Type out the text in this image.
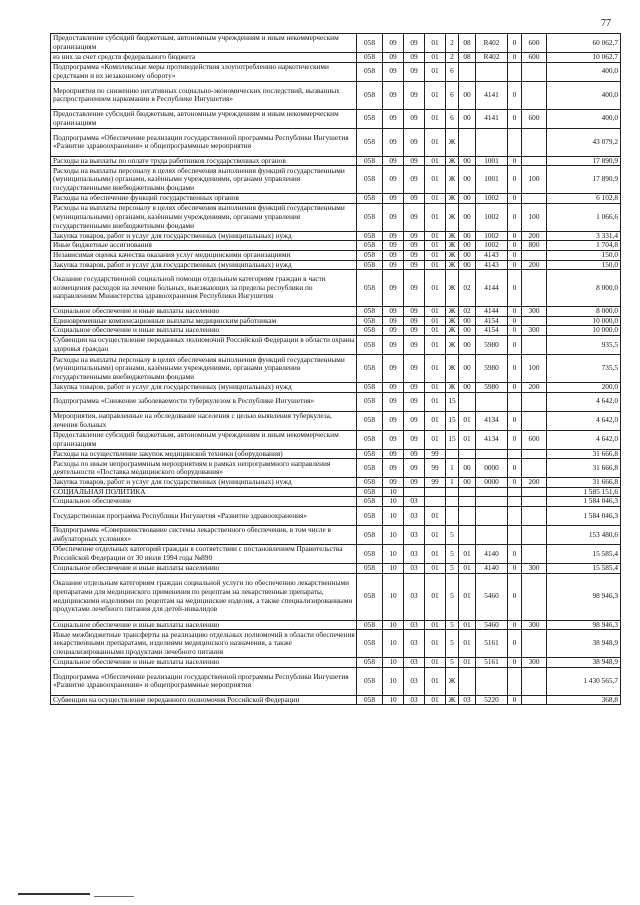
77
Предоставление субсидий бюджетным, автономным учреждениям и иным некоммерческим организациям	058	09	09	01	2	08	R402	0	600	60 062,7
из них за счет средств федерального бюджета	058	09	09	01	2	08	R402	0	600	10 062,7
Подпрограмма «Комплексные меры противодействия злоупотреблению наркотическими средствами и их незаконному обороту»	058	09	09	01	6					400,0
Мероприятия по снижению негативных социально-экономических последствий, вызванных распространением наркомании в Республике Ингушетия»	058	09	09	01	6	00	4141	0		400,0
Предоставление субсидий бюджетным, автономным учреждениям и иным некоммерческим организациям	058	09	09	01	6	00	4141	0	600	400,0
Подпрограмма «Обеспечение реализации государственной программы Республики Ингушетия «Развитие здравоохранения» и общепрограммные мероприятия	058	09	09	01	Ж					43 079,2
Расходы на выплаты по оплате труда работников государственных органов	058	09	09	01	Ж	00	1001	0		17 890,9
Расходы на выплаты персоналу в целях обеспечения выполнения функций государственными (муниципальными) органами, казёнными учреждениями, органами управления государственными внебюджетными фондами	058	09	09	01	Ж	00	1001	0	100	17 890,9
Расходы на обеспечение функций государственных органов	058	09	09	01	Ж	00	1002	0		6 102,8
Расходы на выплаты персоналу в целях обеспечения выполнения функций государственными (муниципальными) органами, казёнными учреждениями, органами управления государственными внебюджетными фондами	058	09	09	01	Ж	00	1002	0	100	1 066,6
Закупка товаров, работ и услуг для государственных (муниципальных) нужд	058	09	09	01	Ж	00	1002	0	200	3 331,4
Иные бюджетные ассигнования	058	09	09	01	Ж	00	1002	0	800	1 704,8
Независимая оценка качества оказания услуг медицинскими организациями	058	09	09	01	Ж	00	4143	0		150,0
Закупка товаров, работ и услуг для государственных (муниципальных) нужд	058	09	09	01	Ж	00	4143	0	200	150,0
Оказание государственной социальной помощи отдельным категориям граждан в части возмещения расходов на лечение больных, выезжающих за пределы республики по направлениям Министерства здравоохранения Республики Ингушетия	058	09	09	01	Ж	02	4144	0		8 000,0
Социальное обеспечение и иные выплаты населению	058	09	09	01	Ж	02	4144	0	300	8 000,0
Единовременные компенсационные выплаты медицинским работникам	058	09	09	01	Ж	00	4154	0		10 000,0
Социальное обеспечение и иные выплаты населению	058	09	09	01	Ж	00	4154	0	300	10 000,0
Субвенции на осуществление переданных полномочий Российской Федерации в области охраны здоровья граждан	058	09	09	01	Ж	00	5980	0		935,5
Расходы на выплаты персоналу в целях обеспечения выполнения функций государственными (муниципальными) органами, казёнными учреждениями, органами управления государственными внебюджетными фондами	058	09	09	01	Ж	00	5980	0	100	735,5
Закупка товаров, работ и услуг для государственных (муниципальных) нужд	058	09	09	01	Ж	00	5980	0	200	200,0
Подпрограмма «Снижение заболеваемости туберкулезом в Республике Ингушетия»	058	09	09	01	15					4 642,0
Мероприятия, направленные на обследование населения с целью выявления туберкулеза, лечения больных	058	09	09	01	15	01	4134	0		4 642,0
Предоставление субсидий бюджетным, автономным учреждениям и иным некоммерческим организациям	058	09	09	01	15	01	4134	0	600	4 642,0
Расходы на осуществление закупок медицинской техники (оборудования)	058	09	09	99						31 666,8
Расходы по иным непрограммным мероприятиям в рамках непрограммного направления деятельности «Поставка медицинского оборудования»	058	09	09	99	1	00	0000	0		31 666,8
Закупка товаров, работ и услуг для государственных (муниципальных) нужд	058	09	09	99	1	00	0000	0	200	31 666,8
СОЦИАЛЬНАЯ ПОЛИТИКА	058	10								1 585 151,6
Социальное обеспечение	058	10	03							1 584 046,3
Государственная программа Республики Ингушетия «Развитие здравоохранения»	058	10	03	01						1 584 046,3
Подпрограмма «Совершенствование системы лекарственного обеспечения, в том числе в амбулаторных условиях»	058	10	03	01	5					153 480,6
Обеспечение отдельных категорий граждан в соответствии с постановлением Правительства Российской Федерации от 30 июля 1994 года №890	058	10	03	01	5	01	4140	0		15 585,4
Социальное обеспечение и иные выплаты населению	058	10	03	01	5	01	4140	0	300	15 585,4
Оказание отдельным категориям граждан социальной услуги по обеспечению лекарственными препаратами для медицинского применения по рецептам на лекарственные препараты, медицинскими изделиями по рецептам на медицинские изделия, а также специализированными продуктами лечебного питания для детей-инвалидов	058	10	03	01	5	01	5460	0		98 946,3
Социальное обеспечение и иные выплаты населению	058	10	03	01	5	01	5460	0	300	98 946,3
Иные межбюджетные трансферты на реализацию отдельных полномочий в области обеспечения лекарственными препаратами, изделиями медицинского назначения, а также специализированными продуктами лечебного питания	058	10	03	01	5	01	5161	0		38 948,9
Социальное обеспечение и иные выплаты населению	058	10	03	01	5	01	5161	0	300	38 948,9
Подпрограмма «Обеспечение реализации государственной программы Республики Ингушетия «Развитие здравоохранения» и общепрограммные мероприятия	058	10	03	01	Ж					1 430 565,7
Субвенции на осуществление переданного полномочия Российской Федерации	058	10	03	01	Ж	03	5220	0		368,8
